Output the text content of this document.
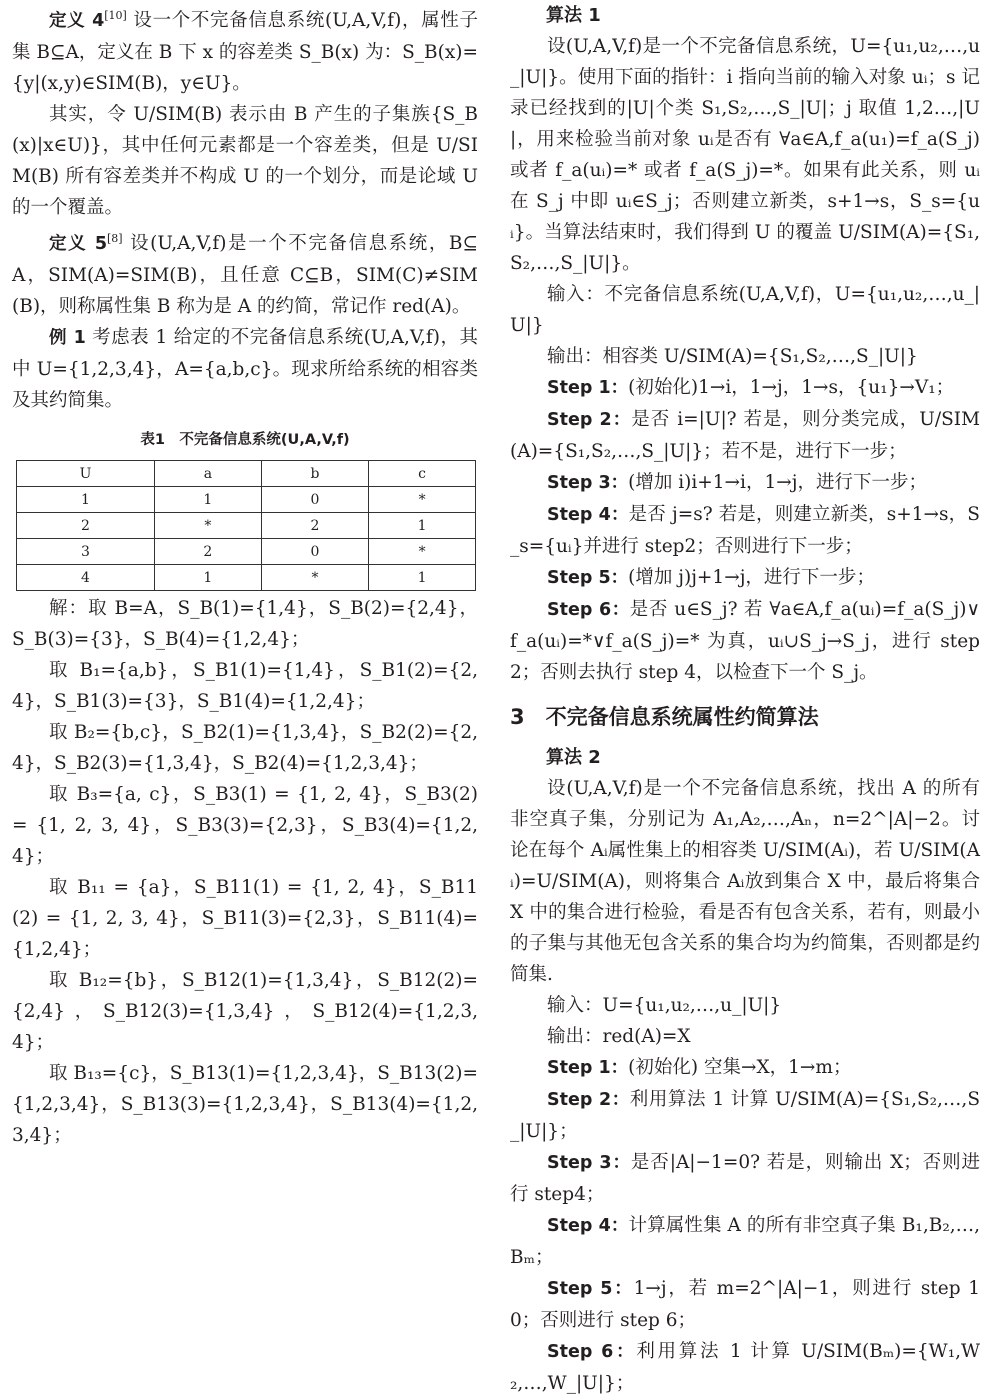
定义 4[10] 设一个不完备信息系统(U,A,V,f)，属性子集 B⊆A，定义在 B 下 x 的容差类 S_B(x) 为：S_B(x)={y|(x,y)∈SIM(B)，y∈U}。

其实，令 U/SIM(B) 表示由 B 产生的子集族{S_B(x)|x∈U)}，其中任何元素都是一个容差类，但是 U/SIM(B) 所有容差类并不构成 U 的一个划分，而是论域 U 的一个覆盖。

定义 5[8] 设(U,A,V,f)是一个不完备信息系统，B⊆A，SIM(A)=SIM(B)，且任意 C⊆B，SIM(C)≠SIM(B)，则称属性集 B 称为是 A 的约简，常记作 red(A)。

例 1 考虑表 1 给定的不完备信息系统(U,A,V,f)，其中 U={1,2,3,4}，A={a,b,c}。现求所给系统的相容类及其约简集。

表1　不完备信息系统(U,A,V,f)
U	a	b	c
1	1	0	*
2	*	2	1
3	2	0	*
4	1	*	1

解：取 B=A，S_B(1)={1,4}，S_B(2)={2,4}，S_B(3)={3}，S_B(4)={1,2,4}；

取 B₁={a,b}，S_B1(1)={1,4}，S_B1(2)={2,4}，S_B1(3)={3}，S_B1(4)={1,2,4}；

取 B₂={b,c}，S_B2(1)={1,3,4}，S_B2(2)={2,4}，S_B2(3)={1,3,4}，S_B2(4)={1,2,3,4}；

取 B₃={a, c}，S_B3(1) = {1, 2, 4}，S_B3(2) = {1, 2, 3, 4}，S_B3(3)={2,3}，S_B3(4)={1,2,4}；

取 B₁₁ = {a}，S_B11(1) = {1, 2, 4}，S_B11(2) = {1, 2, 3, 4}，S_B11(3)={2,3}，S_B11(4)={1,2,4}；

取 B₁₂={b}，S_B12(1)={1,3,4}，S_B12(2)={2,4}，S_B12(3)={1,3,4}，S_B12(4)={1,2,3,4}；

取 B₁₃={c}，S_B13(1)={1,2,3,4}，S_B13(2)={1,2,3,4}，S_B13(3)={1,2,3,4}，S_B13(4)={1,2,3,4}；

算法 1

设(U,A,V,f)是一个不完备信息系统，U={u₁,u₂,…,u_|U|}。使用下面的指针：i 指向当前的输入对象 uᵢ；s 记录已经找到的|U|个类 S₁,S₂,…,S_|U|；j 取值 1,2…,|U|，用来检验当前对象 uᵢ是否有 ∀a∈A,f_a(u₁)=f_a(S_j) 或者 f_a(uᵢ)=* 或者 f_a(S_j)=*。如果有此关系，则 uᵢ在 S_j 中即 uᵢ∈S_j；否则建立新类，s+1→s，S_s={uᵢ}。当算法结束时，我们得到 U 的覆盖 U/SIM(A)={S₁,S₂,…,S_|U|}。

输入：不完备信息系统(U,A,V,f)，U={u₁,u₂,…,u_|U|}

输出：相容类 U/SIM(A)={S₁,S₂,…,S_|U|}

Step 1：(初始化)1→i，1→j，1→s，{u₁}→V₁；

Step 2：是否 i=|U|? 若是，则分类完成，U/SIM(A)={S₁,S₂,…,S_|U|}；若不是，进行下一步；

Step 3：(增加 i)i+1→i，1→j，进行下一步；

Step 4：是否 j=s? 若是，则建立新类，s+1→s，S_s={uᵢ}并进行 step2；否则进行下一步；

Step 5：(增加 j)j+1→j，进行下一步；

Step 6：是否 u∈S_j? 若 ∀a∈A,f_a(uᵢ)=f_a(S_j)∨f_a(uᵢ)=*∨f_a(S_j)=* 为真，uᵢ∪S_j→S_j，进行 step2；否则去执行 step 4，以检查下一个 S_j。

3　不完备信息系统属性约简算法

算法 2

设(U,A,V,f)是一个不完备信息系统，找出 A 的所有非空真子集，分别记为 A₁,A₂,…,Aₙ，n=2^|A|−2。讨论在每个 Aᵢ属性集上的相容类 U/SIM(Aᵢ)，若 U/SIM(Aᵢ)=U/SIM(A)，则将集合 Aᵢ放到集合 X 中，最后将集合 X 中的集合进行检验，看是否有包含关系，若有，则最小的子集与其他无包含关系的集合均为约简集，否则都是约简集.

输入：U={u₁,u₂,…,u_|U|}

输出：red(A)=X

Step 1：(初始化) 空集→X，1→m；

Step 2：利用算法 1 计算 U/SIM(A)={S₁,S₂,…,S_|U|}；

Step 3：是否|A|−1=0? 若是，则输出 X；否则进行 step4；

Step 4：计算属性集 A 的所有非空真子集 B₁,B₂,…,Bₘ；

Step 5：1→j，若 m=2^|A|−1，则进行 step 10；否则进行 step 6；

Step 6：利用算法 1 计算 U/SIM(Bₘ)={W₁,W₂,…,W_|U|}；
